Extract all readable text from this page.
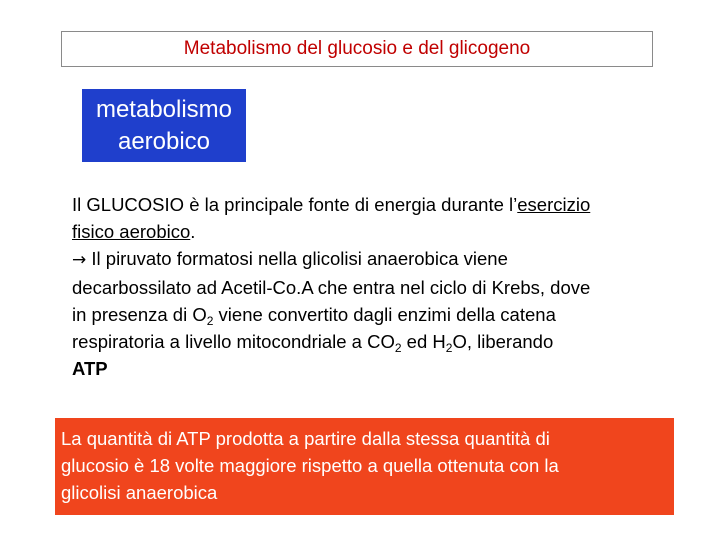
Metabolismo del glucosio e del glicogeno
metabolismo
aerobico
Il GLUCOSIO è la principale fonte di energia durante l’esercizio
fisico aerobico.
→ Il piruvato formatosi nella glicolisi anaerobica viene
decarbossilato ad Acetil-Co.A che entra nel ciclo di Krebs, dove
in presenza di $O_2$ viene convertito dagli enzimi della catena
respiratoria a livello mitocondriale a $CO_2$ ed $H_2O$, liberando
ATP
La quantità di ATP prodotta a partire dalla stessa quantità di
glucosio è 18 volte maggiore rispetto a quella ottenuta con la
glicolisi anaerobica
